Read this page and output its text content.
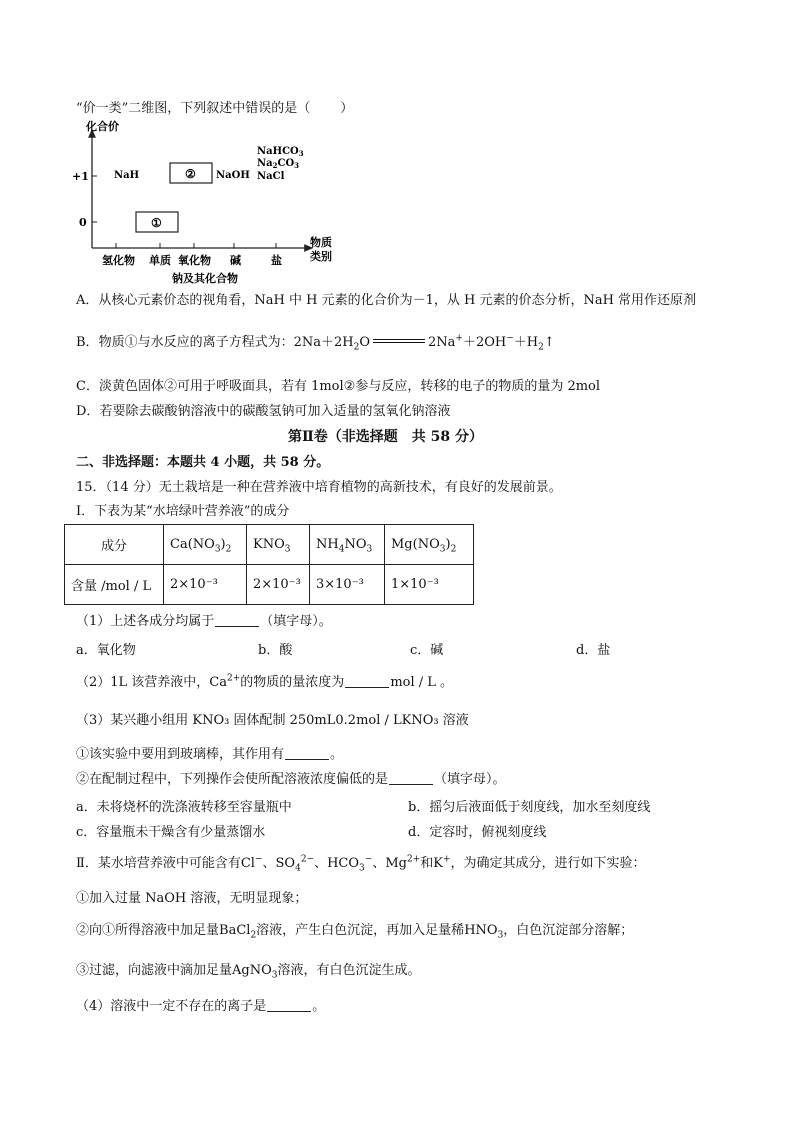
“价一类”二维图，下列叙述中错误的是（ ）
化合价
+1
0
氢化物 单质 氧化物 碱	盐
钠及其化合物
物质
类别
NaH	② NaOH
①
NaHCO$_3$
$Na_2CO_3$
NaCl
A．从核心元素价态的视角看，NaH 中 H 元素的化合价为－1，从 H 元素的价态分析，NaH 常用作还原剂
B．物质①与水反应的离子方程式为：$2Na+2H_2O$	$2Na^++2OH^-+H_2↑$
C．淡黄色固体②可用于呼吸面具，若有 1mol②参与反应，转移的电子的物质的量为 2mol
D．若要除去碳酸钠溶液中的碳酸氢钠可加入适量的氢氧化钠溶液
第Ⅱ卷（非选择题　共 58 分）
二、非选择题：本题共 4 小题，共 58 分。
15．（14 分）无土栽培是一种在营养液中培育植物的高新技术，有良好的发展前景。
Ⅰ．下表为某“水培绿叶营养液”的成分
成分	$Ca(NO_3)_2$	$KNO_3$	$NH_4NO_3$	$Mg(NO_3)_2$
含量 /mol / L	2×10⁻³	2×10⁻³	3×10⁻³	1×10⁻³
（1）上述各成分均属于	（填字母）。
a．氧化物	b．酸	c．碱	d．盐
（2）1L 该营养液中，$Ca^{2+}$的物质的量浓度为	mol / L 。
（3）某兴趣小组用 KNO₃ 固体配制 250mL0.2mol / LKNO₃ 溶液
①该实验中要用到玻璃棒，其作用有	。
②在配制过程中，下列操作会使所配溶液浓度偏低的是	（填字母）。
a．未将烧杯的洗涤液转移至容量瓶中	b．摇匀后液面低于刻度线，加水至刻度线
c．容量瓶未干燥含有少量蒸馏水	d．定容时，俯视刻度线
Ⅱ．某水培营养液中可能含有Cl−、$SO_4^{2-}$、$HCO_3^-$、$Mg^{2+}$和K+，为确定其成分，进行如下实验：
①加入过量 NaOH 溶液，无明显现象；
②向①所得溶液中加足量BaCl$_2$溶液，产生白色沉淀，再加入足量稀$HNO_3$，白色沉淀部分溶解；
③过滤，向滤液中滴加足量AgNO$_3$溶液，有白色沉淀生成。
（4）溶液中一定不存在的离子是	。
